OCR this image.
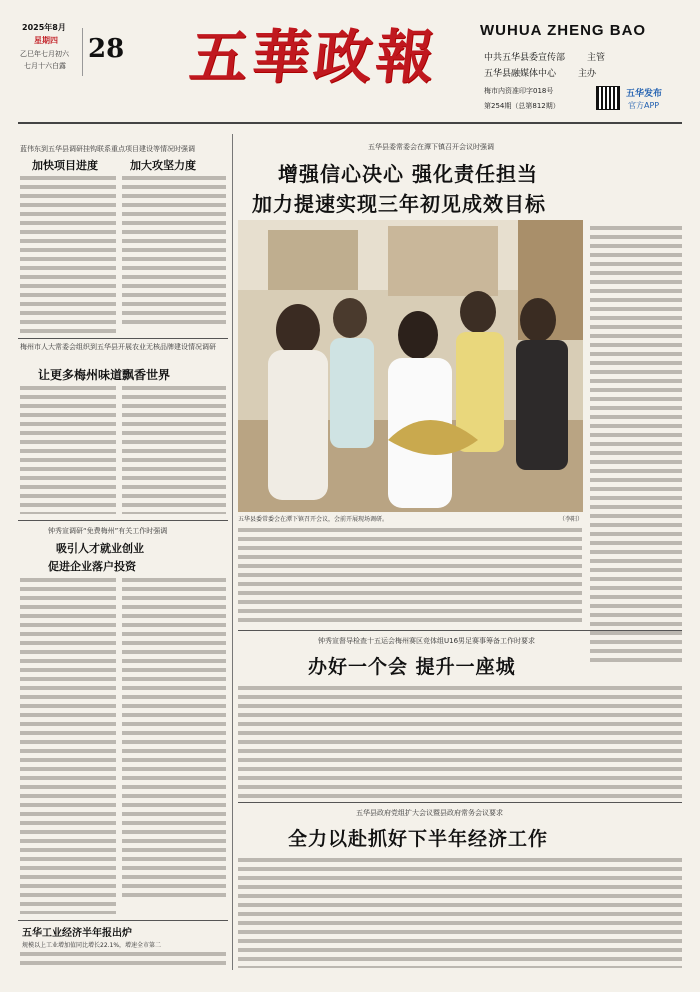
2025年8月
星期四
乙巳年七月初六
七月十六白露
28 五華政報	WUHUA ZHENG BAO
中共五华县委宣传部 主管
五华县融媒体中心 主办
梅市内资准印字018号
第254期（总第812期）
五华发布
官方APP
蓝伟东到五华县调研挂钩联系重点项目建设等情况时强调
加快项目进度	加大攻坚力度
梅州市人大常委会组织到五华县开展农业无核品牌建设情况调研
让更多梅州味道飘香世界
钟秀宣调研“免费梅州”有关工作时强调
吸引人才就业创业
促进企业落户投资
五华工业经济半年报出炉
规模以上工业增加值同比增长22.1%，增速全市第二
五华县委常委会在潭下镇召开会议时强调
增强信心决心 强化责任担当
加力提速实现三年初见成效目标
五华县委常委会在潭下镇召开会议，会前开展现场调研。	（李阳）
钟秀宣督导检查十五运会梅州赛区竞体组U16男足赛事筹备工作时要求
办好一个会 提升一座城
五华县政府党组扩大会议暨县政府常务会议要求
全力以赴抓好下半年经济工作
